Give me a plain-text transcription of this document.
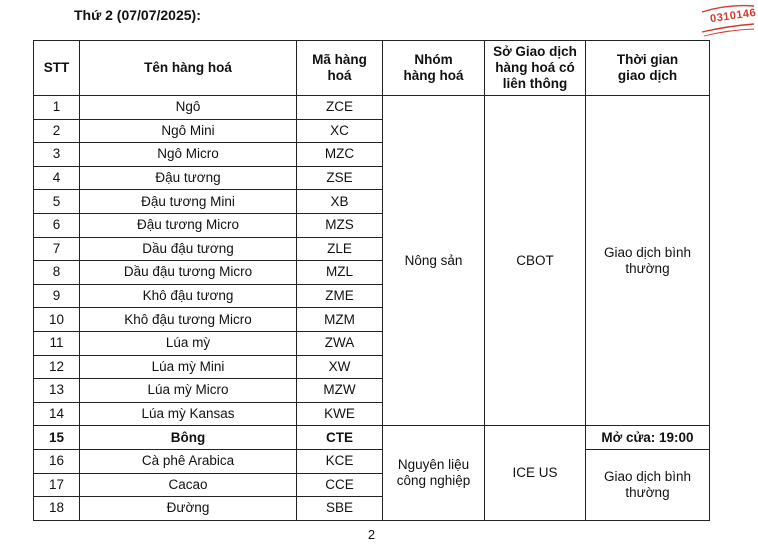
Thứ 2 (07/07/2025):	0310146
STT	Tên hàng hoá	Mã hàng hoá	Nhóm hàng hoá	Sở Giao dịch hàng hoá có liên thông	Thời gian giao dịch
1	Ngô	ZCE	Nông sản	CBOT	Giao dịch bình thường
2	Ngô Mini	XC			
3	Ngô Micro	MZC			
4	Đậu tương	ZSE			
5	Đậu tương Mini	XB			
6	Đậu tương Micro	MZS			
7	Dầu đậu tương	ZLE			
8	Dầu đậu tương Micro	MZL			
9	Khô đậu tương	ZME			
10	Khô đậu tương Micro	MZM			
11	Lúa mỳ	ZWA			
12	Lúa mỳ Mini	XW			
13	Lúa mỳ Micro	MZW			
14	Lúa mỳ Kansas	KWE			
15	Bông	CTE	Nguyên liệu công nghiệp	ICE US	Mở cửa: 19:00
16	Cà phê Arabica	KCE			Giao dịch bình thường
17	Cacao	CCE			
18	Đường	SBE			
2
